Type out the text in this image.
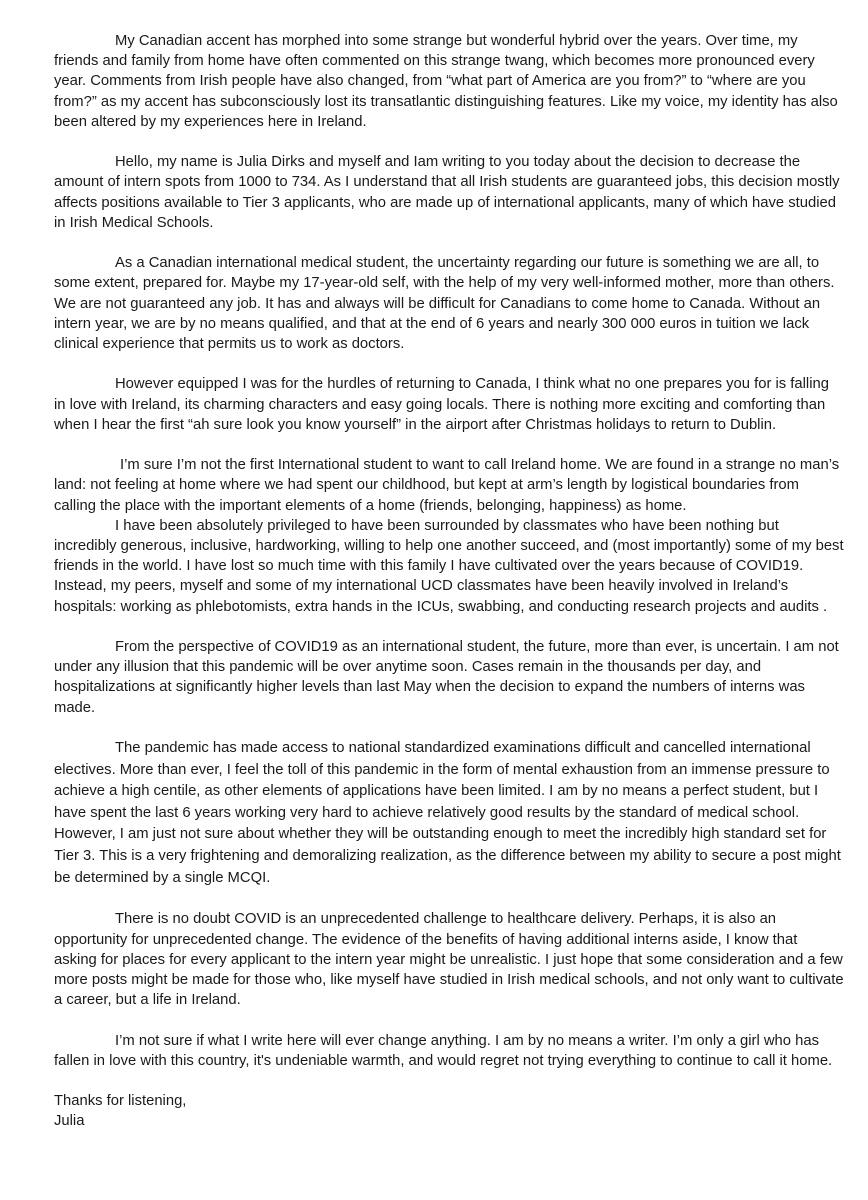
My Canadian accent has morphed into some strange but wonderful hybrid over the years. Over time, my friends and family from home have often commented on this strange twang, which becomes more pronounced every year. Comments from Irish people have also changed, from “what part of America are you from?” to “where are you from?” as my accent has subconsciously lost its transatlantic distinguishing features. Like my voice, my identity has also been altered by my experiences here in Ireland.

Hello, my name is Julia Dirks and myself and Iam writing to you today about the decision to decrease the amount of intern spots from 1000 to 734. As I understand that all Irish students are guaranteed jobs, this decision mostly affects positions available to Tier 3 applicants, who are made up of international applicants, many of which have studied in Irish Medical Schools.

As a Canadian international medical student, the uncertainty regarding our future is something we are all, to some extent, prepared for. Maybe my 17-year-old self, with the help of my very well-informed mother, more than others. We are not guaranteed any job. It has and always will be difficult for Canadians to come home to Canada. Without an intern year, we are by no means qualified, and that at the end of 6 years and nearly 300 000 euros in tuition we lack clinical experience that permits us to work as doctors.

However equipped I was for the hurdles of returning to Canada, I think what no one prepares you for is falling in love with Ireland, its charming characters and easy going locals. There is nothing more exciting and comforting than when I hear the first “ah sure look you know yourself” in the airport after Christmas holidays to return to Dublin.

I’m sure I’m not the first International student to want to call Ireland home. We are found in a strange no man’s land: not feeling at home where we had spent our childhood, but kept at arm’s length by logistical boundaries from calling the place with the important elements of a home (friends, belonging, happiness) as home.

I have been absolutely privileged to have been surrounded by classmates who have been nothing but incredibly generous, inclusive, hardworking, willing to help one another succeed, and (most importantly) some of my best friends in the world. I have lost so much time with this family I have cultivated over the years because of COVID19. Instead, my peers, myself and some of my international UCD classmates have been heavily involved in Ireland’s hospitals: working as phlebotomists, extra hands in the ICUs, swabbing, and conducting research projects and audits .

From the perspective of COVID19 as an international student, the future, more than ever, is uncertain. I am not under any illusion that this pandemic will be over anytime soon. Cases remain in the thousands per day, and hospitalizations at significantly higher levels than last May when the decision to expand the numbers of interns was made.

The pandemic has made access to national standardized examinations difficult and cancelled international electives. More than ever, I feel the toll of this pandemic in the form of mental exhaustion from an immense pressure to achieve a high centile, as other elements of applications have been limited. I am by no means a perfect student, but I have spent the last 6 years working very hard to achieve relatively good results by the standard of medical school. However, I am just not sure about whether they will be outstanding enough to meet the incredibly high standard set for Tier 3. This is a very frightening and demoralizing realization, as the difference between my ability to secure a post might be determined by a single MCQI.

There is no doubt COVID is an unprecedented challenge to healthcare delivery. Perhaps, it is also an opportunity for unprecedented change. The evidence of the benefits of having additional interns aside, I know that asking for places for every applicant to the intern year might be unrealistic. I just hope that some consideration and a few more posts might be made for those who, like myself have studied in Irish medical schools, and not only want to cultivate a career, but a life in Ireland.

I’m not sure if what I write here will ever change anything. I am by no means a writer. I’m only a girl who has fallen in love with this country, it's undeniable warmth, and would regret not trying everything to continue to call it home.

Thanks for listening,
Julia
